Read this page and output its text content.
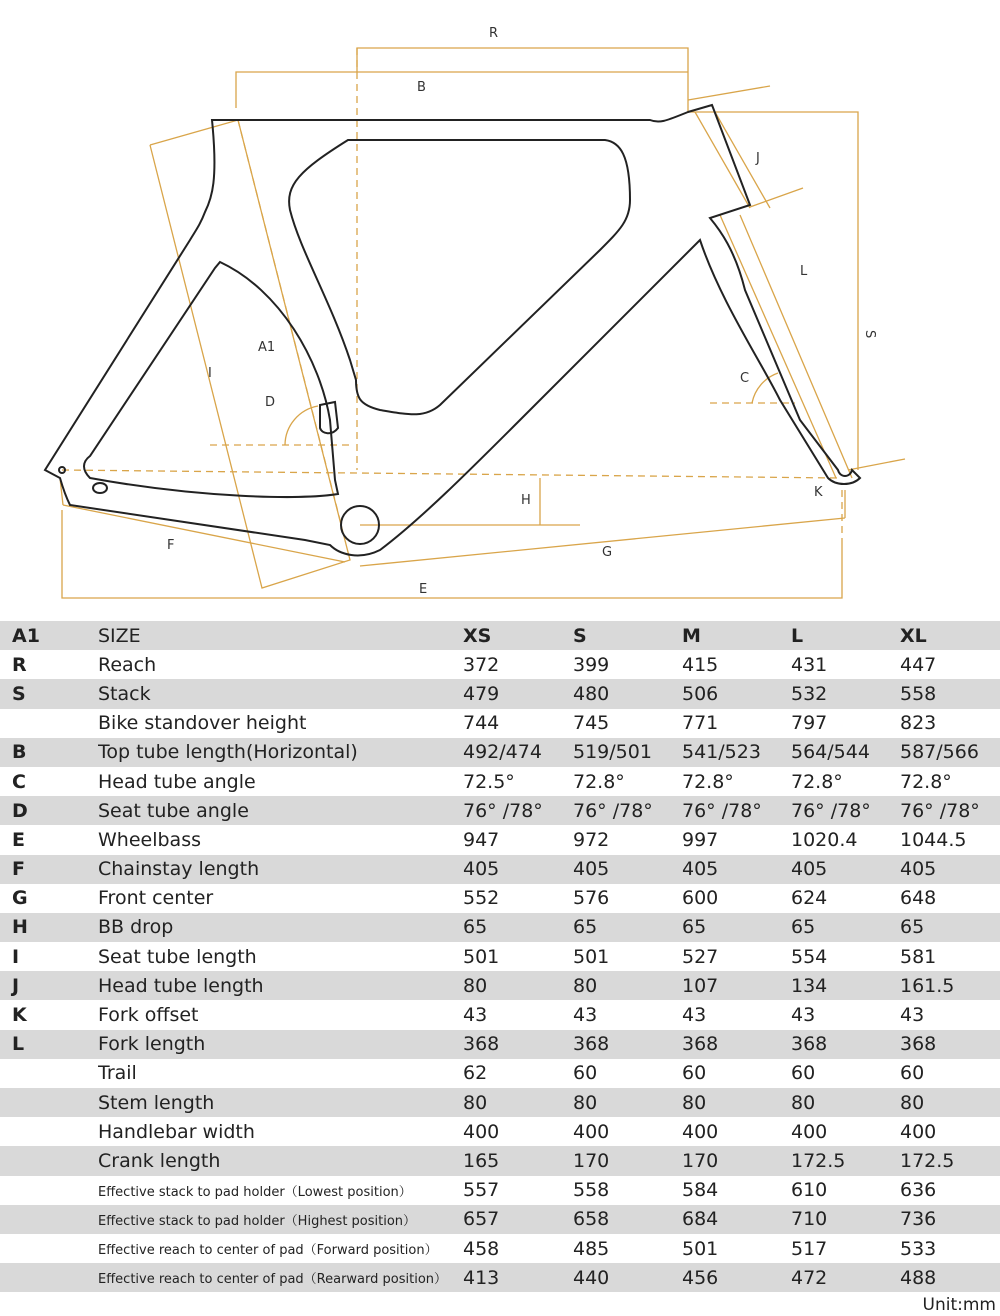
R
B
J
L
S
C
A1
I
D
H
K
F	G
E
A1	SIZE	XS	S	M	L	XL
R	Reach	372	399	415	431	447
S	Stack	479	480	506	532	558
	Bike standover height	744	745	771	797	823
B	Top tube length(Horizontal)	492/474	519/501	541/523	564/544	587/566
C	Head tube angle	72.5°	72.8°	72.8°	72.8°	72.8°
D	Seat tube angle	76° /78°	76° /78°	76° /78°	76° /78°	76° /78°
E	Wheelbass	947	972	997	1020.4	1044.5
F	Chainstay length	405	405	405	405	405
G	Front center	552	576	600	624	648
H	BB drop	65	65	65	65	65
I	Seat tube length	501	501	527	554	581
J	Head tube length	80	80	107	134	161.5
K	Fork offset	43	43	43	43	43
L	Fork length	368	368	368	368	368
	Trail	62	60	60	60	60
	Stem length	80	80	80	80	80
	Handlebar width	400	400	400	400	400
	Crank length	165	170	170	172.5	172.5
	Effective stack to pad holder（Lowest position）	557	558	584	610	636
	Effective stack to pad holder（Highest position）	657	658	684	710	736
	Effective reach to center of pad（Forward position）	458	485	501	517	533
	Effective reach to center of pad（Rearward position）	413	440	456	472	488
Unit:mm
